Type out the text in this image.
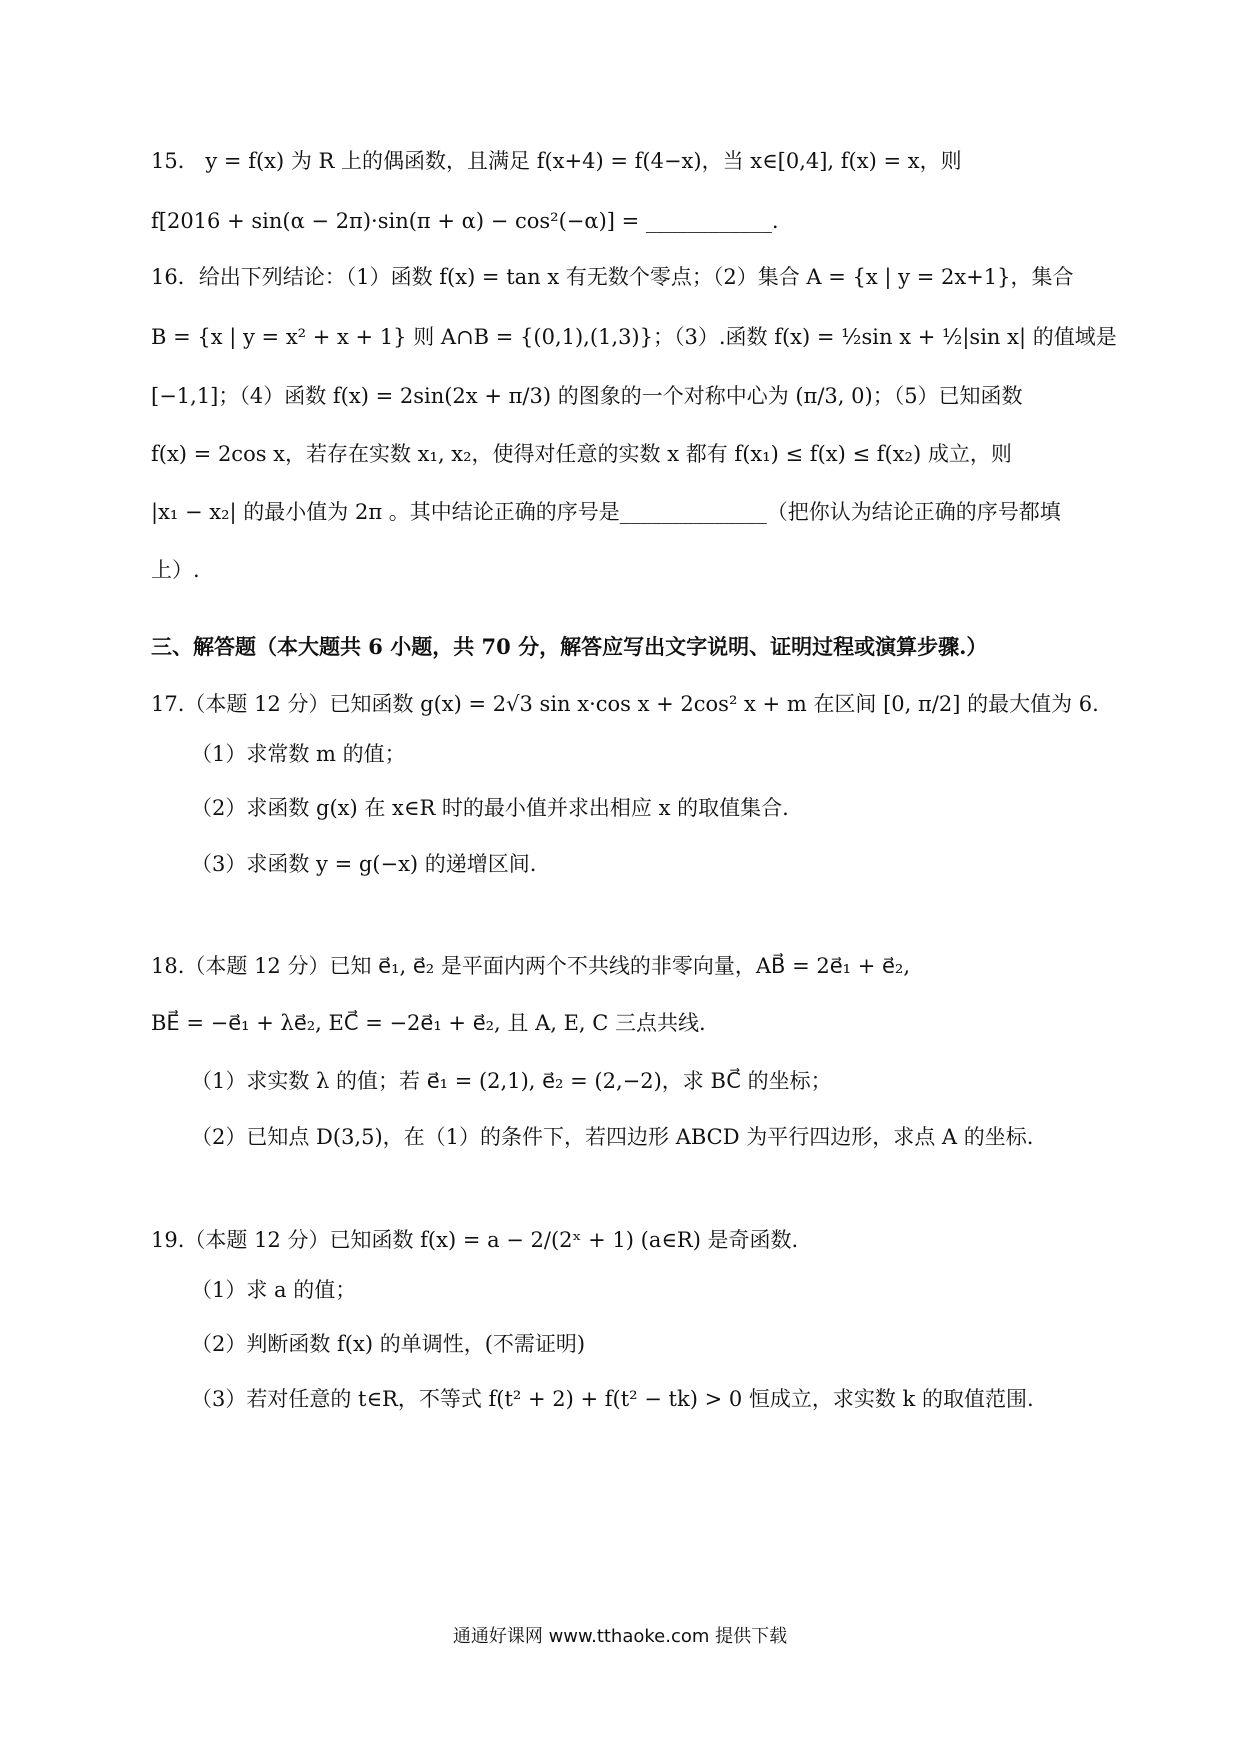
15． y = f(x) 为 R 上的偶函数，且满足 f(x+4) = f(4−x)，当 x∈[0,4], f(x) = x，则
f[2016 + sin(α − 2π)·sin(π + α) − cos²(−α)] = ____________.
16．给出下列结论：（1）函数 f(x) = tan x 有无数个零点；（2）集合 A = {x | y = 2x+1}，集合
B = {x | y = x² + x + 1} 则 A∩B = {(0,1),(1,3)}；（3）.函数 f(x) = ½sin x + ½|sin x| 的值域是
[−1,1]；（4）函数 f(x) = 2sin(2x + π/3) 的图象的一个对称中心为 (π/3, 0)；（5）已知函数
f(x) = 2cos x，若存在实数 x₁, x₂，使得对任意的实数 x 都有 f(x₁) ≤ f(x) ≤ f(x₂) 成立，则
|x₁ − x₂| 的最小值为 2π 。其中结论正确的序号是______________（把你认为结论正确的序号都填
上）.
三、解答题（本大题共 6 小题，共 70 分，解答应写出文字说明、证明过程或演算步骤.）
17.（本题 12 分）已知函数 g(x) = 2√3 sin x·cos x + 2cos² x + m 在区间 [0, π/2] 的最大值为 6.
（1）求常数 m 的值；
（2）求函数 g(x) 在 x∈R 时的最小值并求出相应 x 的取值集合.
（3）求函数 y = g(−x) 的递增区间.
18.（本题 12 分）已知 e⃗₁, e⃗₂ 是平面内两个不共线的非零向量，AB⃗ = 2e⃗₁ + e⃗₂,
BE⃗ = −e⃗₁ + λe⃗₂, EC⃗ = −2e⃗₁ + e⃗₂, 且 A, E, C 三点共线.
（1）求实数 λ 的值；若 e⃗₁ = (2,1), e⃗₂ = (2,−2)，求 BC⃗ 的坐标；
（2）已知点 D(3,5)，在（1）的条件下，若四边形 ABCD 为平行四边形，求点 A 的坐标.
19.（本题 12 分）已知函数 f(x) = a − 2/(2ˣ + 1) (a∈R) 是奇函数.
（1）求 a 的值；
（2）判断函数 f(x) 的单调性，(不需证明)
（3）若对任意的 t∈R，不等式 f(t² + 2) + f(t² − tk) > 0 恒成立，求实数 k 的取值范围.
通通好课网 www.tthaoke.com 提供下载
